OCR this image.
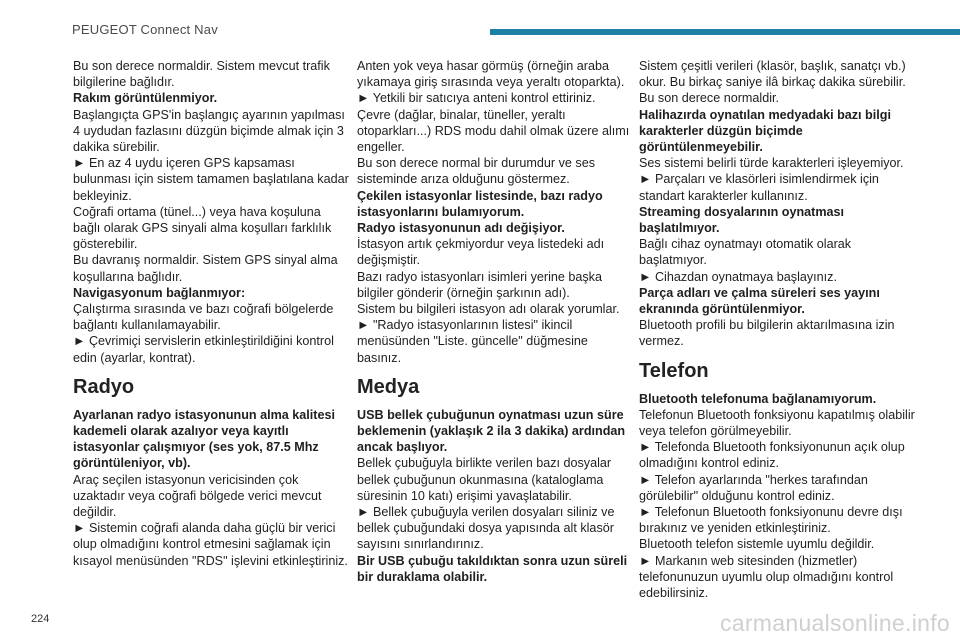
PEUGEOT Connect Nav

Bu son derece normaldir. Sistem mevcut trafik bilgilerine bağlıdır.

Rakım görüntülenmiyor.

Başlangıçta GPS'in başlangıç ayarının yapılması 4 uydudan fazlasını düzgün biçimde almak için 3 dakika sürebilir.

► En az 4 uydu içeren GPS kapsaması bulunması için sistem tamamen başlatılana kadar bekleyiniz.

Coğrafi ortama (tünel...) veya hava koşuluna bağlı olarak GPS sinyali alma koşulları farklılık gösterebilir.

Bu davranış normaldir. Sistem GPS sinyal alma koşullarına bağlıdır.

Navigasyonum bağlanmıyor:

Çalıştırma sırasında ve bazı coğrafi bölgelerde bağlantı kullanılamayabilir.

► Çevrimiçi servislerin etkinleştirildiğini kontrol edin (ayarlar, kontrat).

Radyo

Ayarlanan radyo istasyonunun alma kalitesi kademeli olarak azalıyor veya kayıtlı istasyonlar çalışmıyor (ses yok, 87.5 Mhz görüntüleniyor, vb).

Araç seçilen istasyonun vericisinden çok uzaktadır veya coğrafi bölgede verici mevcut değildir.

► Sistemin coğrafi alanda daha güçlü bir verici olup olmadığını kontrol etmesini sağlamak için kısayol menüsünden "RDS" işlevini etkinleştiriniz.

Anten yok veya hasar görmüş (örneğin araba yıkamaya giriş sırasında veya yeraltı otoparkta).

► Yetkili bir satıcıya anteni kontrol ettiriniz.

Çevre (dağlar, binalar, tüneller, yeraltı otoparkları...) RDS modu dahil olmak üzere alımı engeller.

Bu son derece normal bir durumdur ve ses sisteminde arıza olduğunu göstermez.

Çekilen istasyonlar listesinde, bazı radyo istasyonlarını bulamıyorum.

Radyo istasyonunun adı değişiyor.

İstasyon artık çekmiyordur veya listedeki adı değişmiştir.

Bazı radyo istasyonları isimleri yerine başka bilgiler gönderir (örneğin şarkının adı).

Sistem bu bilgileri istasyon adı olarak yorumlar.

► "Radyo istasyonlarının listesi" ikincil menüsünden "Liste. güncelle" düğmesine basınız.

Medya

USB bellek çubuğunun oynatması uzun süre beklemenin (yaklaşık 2 ila 3 dakika) ardından ancak başlıyor.

Bellek çubuğuyla birlikte verilen bazı dosyalar bellek çubuğunun okunmasına (kataloglama süresinin 10 katı) erişimi yavaşlatabilir.

► Bellek çubuğuyla verilen dosyaları siliniz ve bellek çubuğundaki dosya yapısında alt klasör sayısını sınırlandırınız.

Bir USB çubuğu takıldıktan sonra uzun süreli bir duraklama olabilir.

Sistem çeşitli verileri (klasör, başlık, sanatçı vb.) okur. Bu birkaç saniye ilâ birkaç dakika sürebilir.

Bu son derece normaldir.

Halihazırda oynatılan medyadaki bazı bilgi karakterler düzgün biçimde görüntülenmeyebilir.

Ses sistemi belirli türde karakterleri işleyemiyor.

► Parçaları ve klasörleri isimlendirmek için standart karakterler kullanınız.

Streaming dosyalarının oynatması başlatılmıyor.

Bağlı cihaz oynatmayı otomatik olarak başlatmıyor.

► Cihazdan oynatmaya başlayınız.

Parça adları ve çalma süreleri ses yayını ekranında görüntülenmiyor.

Bluetooth profili bu bilgilerin aktarılmasına izin vermez.

Telefon

Bluetooth telefonuma bağlanamıyorum.

Telefonun Bluetooth fonksiyonu kapatılmış olabilir veya telefon görülmeyebilir.

► Telefonda Bluetooth fonksiyonunun açık olup olmadığını kontrol ediniz.

► Telefon ayarlarında "herkes tarafından görülebilir" olduğunu kontrol ediniz.

► Telefonun Bluetooth fonksiyonunu devre dışı bırakınız ve yeniden etkinleştiriniz.

Bluetooth telefon sistemle uyumlu değildir.

► Markanın web sitesinden (hizmetler) telefonunuzun uyumlu olup olmadığını kontrol edebilirsiniz.

224	carmanualsonline.info
